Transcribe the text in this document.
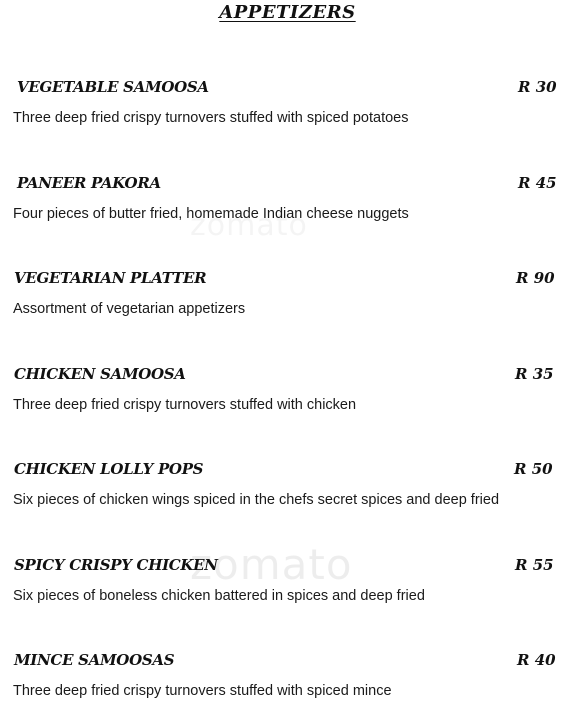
APPETIZERS
zomato
VEGETABLE SAMOOSA	R 30
Three deep fried crispy turnovers stuffed with spiced potatoes
PANEER PAKORA	R 45
Four pieces of butter fried, homemade Indian cheese nuggets
VEGETARIAN PLATTER	R 90
Assortment of vegetarian appetizers
CHICKEN SAMOOSA	R 35
Three deep fried crispy turnovers stuffed with chicken
CHICKEN LOLLY POPS	R 50
Six pieces of chicken wings spiced in the chefs secret spices and deep fried
SPICY CRISPY CHICKEN	R 55
Six pieces of boneless chicken battered in spices and deep fried
MINCE SAMOOSAS	R 40
Three deep fried crispy turnovers stuffed with spiced mince
